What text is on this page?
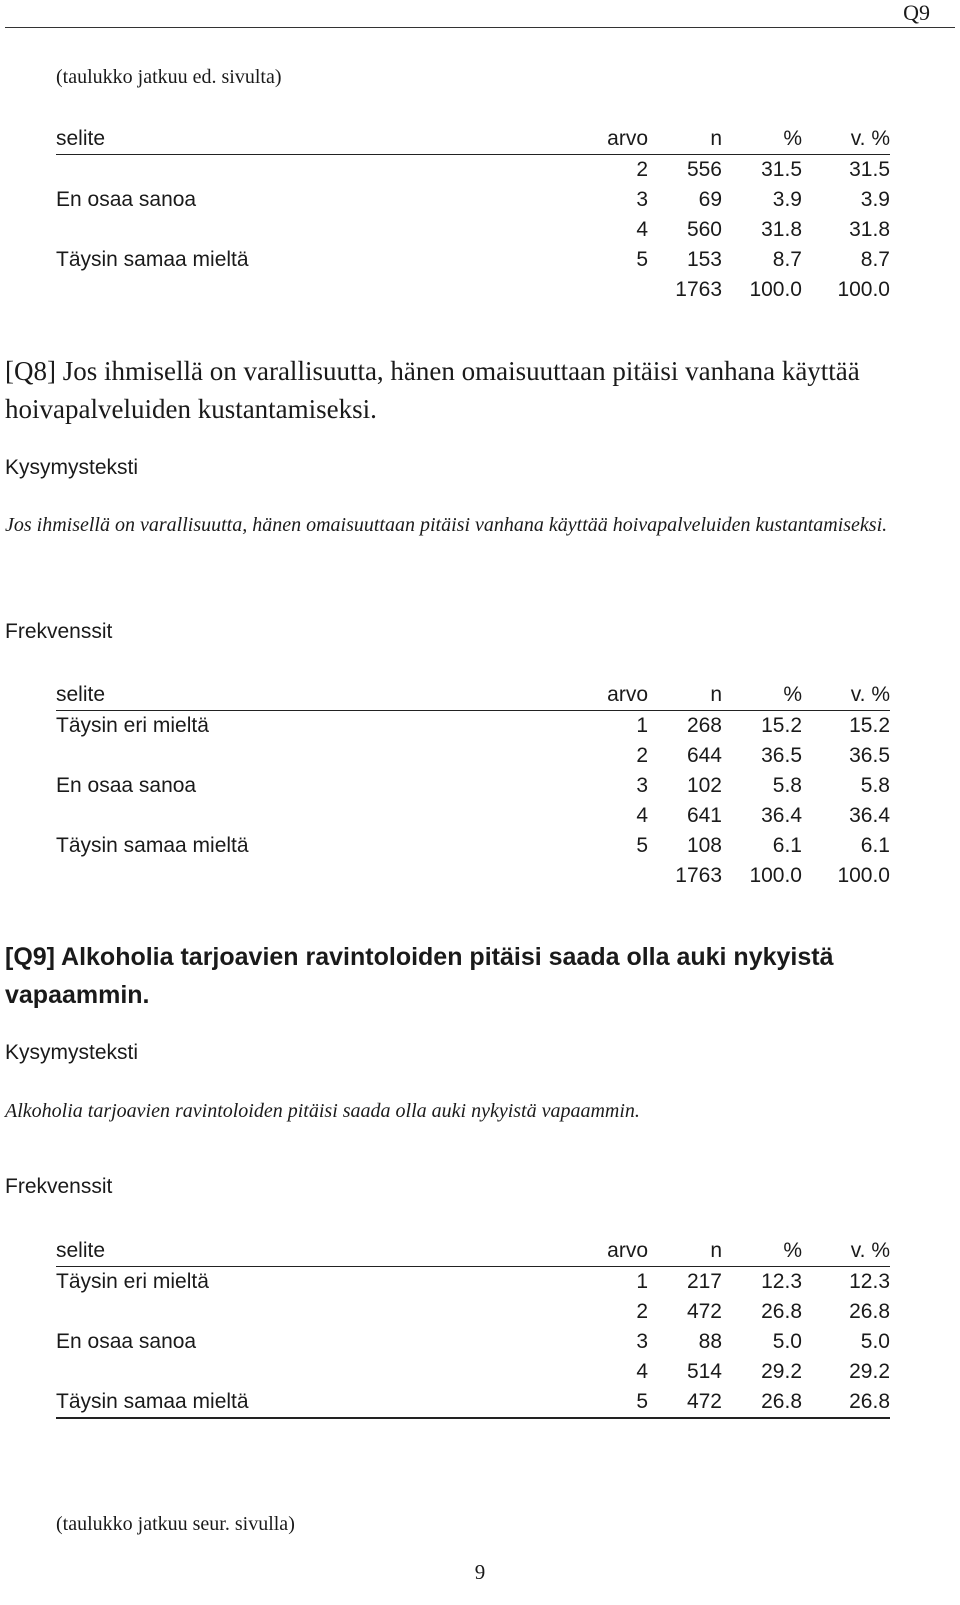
Q9
(taulukko jatkuu ed. sivulta)
selite	arvo	n	%	v. %
	2	556	31.5	31.5
En osaa sanoa	3	69	3.9	3.9
	4	560	31.8	31.8
Täysin samaa mieltä	5	153	8.7	8.7
		1763	100.0	100.0
[Q8] Jos ihmisellä on varallisuutta, hänen omaisuuttaan pitäisi vanhana käyttää hoivapalveluiden kustantamiseksi.
Kysymysteksti
Jos ihmisellä on varallisuutta, hänen omaisuuttaan pitäisi vanhana käyttää hoivapalveluiden kustantamiseksi.
Frekvenssit
selite	arvo	n	%	v. %
Täysin eri mieltä	1	268	15.2	15.2
	2	644	36.5	36.5
En osaa sanoa	3	102	5.8	5.8
	4	641	36.4	36.4
Täysin samaa mieltä	5	108	6.1	6.1
		1763	100.0	100.0
[Q9] Alkoholia tarjoavien ravintoloiden pitäisi saada olla auki nykyistä vapaammin.
Kysymysteksti
Alkoholia tarjoavien ravintoloiden pitäisi saada olla auki nykyistä vapaammin.
Frekvenssit
selite	arvo	n	%	v. %
Täysin eri mieltä	1	217	12.3	12.3
	2	472	26.8	26.8
En osaa sanoa	3	88	5.0	5.0
	4	514	29.2	29.2
Täysin samaa mieltä	5	472	26.8	26.8
(taulukko jatkuu seur. sivulla)
9
